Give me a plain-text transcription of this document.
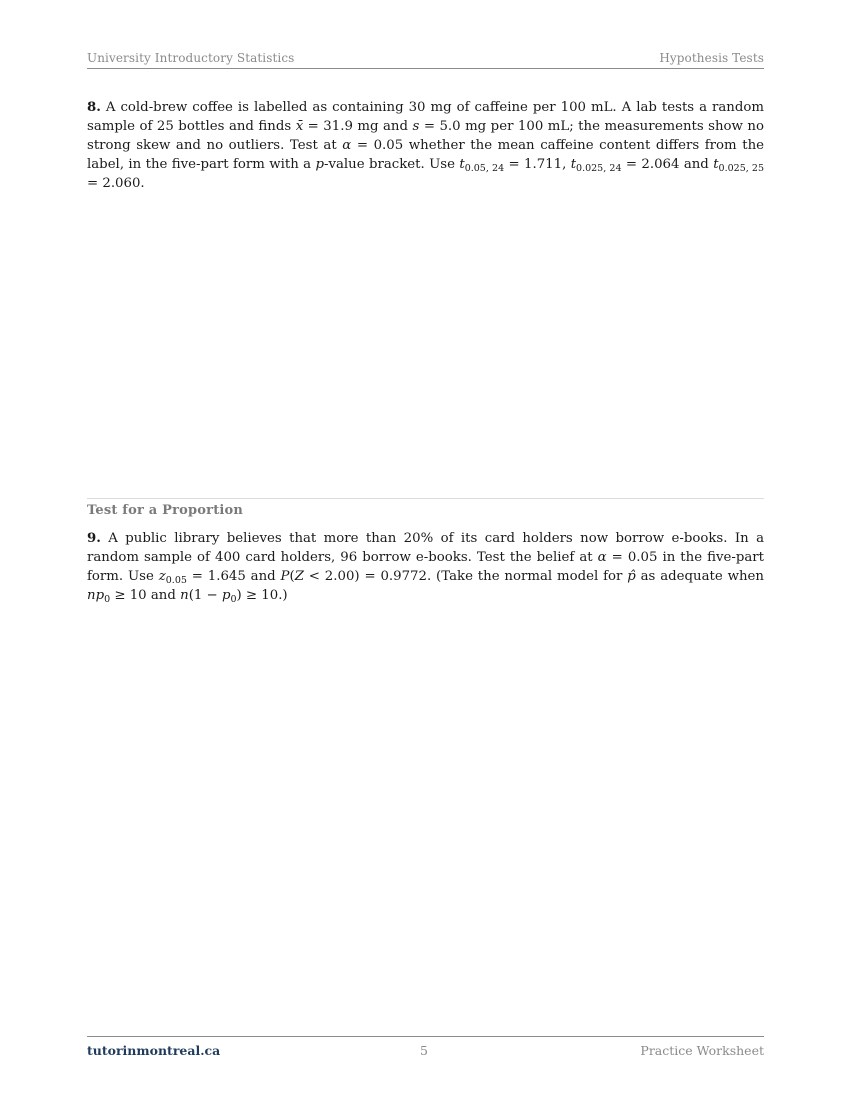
University Introductory Statistics	Hypothesis Tests
8. A cold-brew coffee is labelled as containing 30 mg of caffeine per 100 mL. A lab tests a random sample of 25 bottles and finds x̄ = 31.9 mg and s = 5.0 mg per 100 mL; the measurements show no strong skew and no outliers. Test at α = 0.05 whether the mean caffeine content differs from the label, in the five-part form with a p-value bracket. Use $t_{0.05, 24} = 1.711$, $t_{0.025, 24} = 2.064$ and $t_{0.025, 25} = 2.060$.
Test for a Proportion
9. A public library believes that more than 20% of its card holders now borrow e-books. In a random sample of 400 card holders, 96 borrow e-books. Test the belief at α = 0.05 in the five-part form. Use $z_{0.05} = 1.645$ and P(Z < 2.00) = 0.9772. (Take the normal model for p̂ as adequate when $np_0 \ge 10$ and $n(1 - p_0) \ge 10$.)
tutorinmontreal.ca	5	Practice Worksheet
